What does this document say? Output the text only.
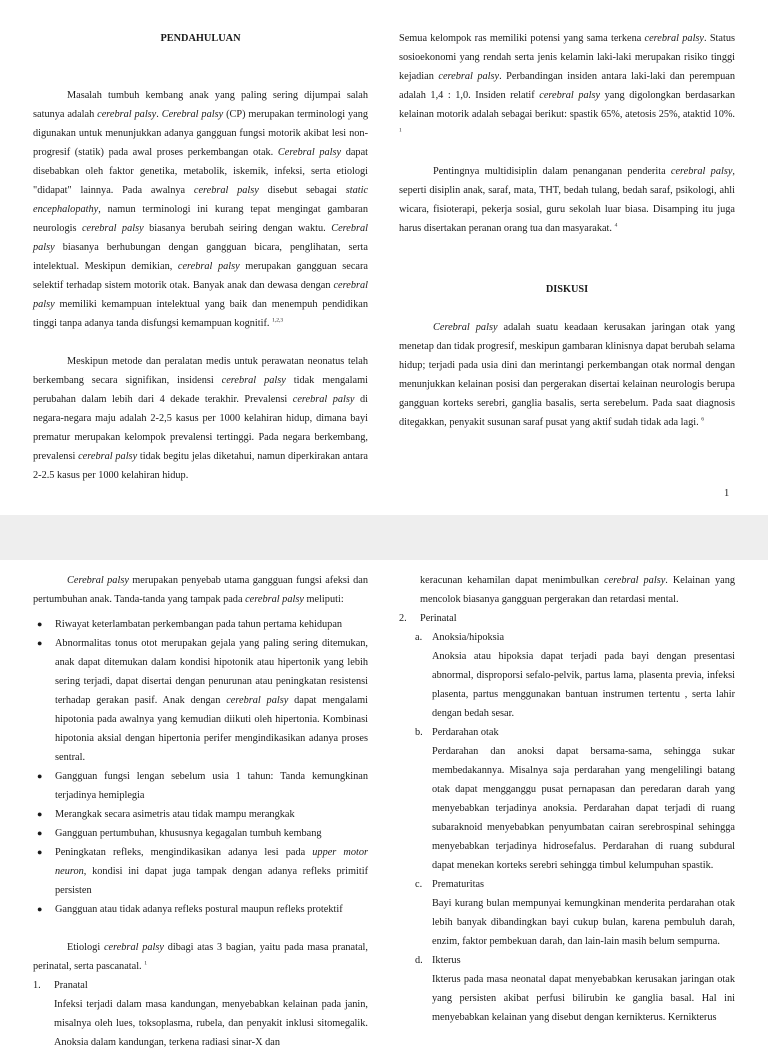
PENDAHULUAN

Masalah tumbuh kembang anak yang paling sering dijumpai salah satunya adalah cerebral palsy. Cerebral palsy (CP) merupakan terminologi yang digunakan untuk menunjukkan adanya gangguan fungsi motorik akibat lesi non-progresif (statik) pada awal proses perkembangan otak. Cerebral palsy dapat disebabkan oleh faktor genetika, metabolik, iskemik, infeksi, serta etiologi "didapat" lainnya. Pada awalnya cerebral palsy disebut sebagai static encephalopathy, namun terminologi ini kurang tepat mengingat gambaran neurologis cerebral palsy biasanya berubah seiring dengan waktu. Cerebral palsy biasanya berhubungan dengan gangguan bicara, penglihatan, serta intelektual. Meskipun demikian, cerebral palsy merupakan gangguan secara selektif terhadap sistem motorik otak. Banyak anak dan dewasa dengan cerebral palsy memiliki kemampuan intelektual yang baik dan menempuh pendidikan tinggi tanpa adanya tanda disfungsi kemampuan kognitif. $^{1,2,3}$

Meskipun metode dan peralatan medis untuk perawatan neonatus telah berkembang secara signifikan, insidensi cerebral palsy tidak mengalami perubahan dalam lebih dari 4 dekade terakhir. Prevalensi cerebral palsy di negara-negara maju adalah 2-2,5 kasus per 1000 kelahiran hidup, dimana bayi prematur merupakan kelompok prevalensi tertinggi. Pada negara berkembang, prevalensi cerebral palsy tidak begitu jelas diketahui, namun diperkirakan antara 2-2.5 kasus per 1000 kelahiran hidup.

Semua kelompok ras memiliki potensi yang sama terkena cerebral palsy. Status sosioekonomi yang rendah serta jenis kelamin laki-laki merupakan risiko tinggi kejadian cerebral palsy. Perbandingan insiden antara laki-laki dan perempuan adalah 1,4 : 1,0. Insiden relatif cerebral palsy yang digolongkan berdasarkan kelainan motorik adalah sebagai berikut: spastik 65%, atetosis 25%, ataktid 10%. $^1$

Pentingnya multidisiplin dalam penanganan penderita cerebral palsy, seperti disiplin anak, saraf, mata, THT, bedah tulang, bedah saraf, psikologi, ahli wicara, fisioterapi, pekerja sosial, guru sekolah luar biasa. Disamping itu juga harus disertakan peranan orang tua dan masyarakat. $^4$

DISKUSI

Cerebral palsy adalah suatu keadaan kerusakan jaringan otak yang menetap dan tidak progresif, meskipun gambaran klinisnya dapat berubah selama hidup; terjadi pada usia dini dan merintangi perkembangan otak normal dengan menunjukkan kelainan posisi dan pergerakan disertai kelainan neurologis berupa gangguan korteks serebri, ganglia basalis, serta serebelum. Pada saat diagnosis ditegakkan, penyakit susunan saraf pusat yang aktif sudah tidak ada lagi. $^6$

1

Cerebral palsy merupakan penyebab utama gangguan fungsi afeksi dan pertumbuhan anak. Tanda-tanda yang tampak pada cerebral palsy meliputi:

● Riwayat keterlambatan perkembangan pada tahun pertama kehidupan
● Abnormalitas tonus otot merupakan gejala yang paling sering ditemukan, anak dapat ditemukan dalam kondisi hipotonik atau hipertonik yang lebih sering terjadi, dapat disertai dengan penurunan atau peningkatan resistensi terhadap gerakan pasif. Anak dengan cerebral palsy dapat mengalami hipotonia pada awalnya yang kemudian diikuti oleh hipertonia. Kombinasi hipotonia aksial dengan hipertonia perifer mengindikasikan adanya proses sentral.
● Gangguan fungsi lengan sebelum usia 1 tahun: Tanda kemungkinan terjadinya hemiplegia
● Merangkak secara asimetris atau tidak mampu merangkak
● Gangguan pertumbuhan, khususnya kegagalan tumbuh kembang
● Peningkatan refleks, mengindikasikan adanya lesi pada upper motor neuron, kondisi ini dapat juga tampak dengan adanya refleks primitif persisten
● Gangguan atau tidak adanya refleks postural maupun refleks protektif

Etiologi cerebral palsy dibagi atas 3 bagian, yaitu pada masa pranatal, perinatal, serta pascanatal. $^1$

1. Pranatal

Infeksi terjadi dalam masa kandungan, menyebabkan kelainan pada janin, misalnya oleh lues, toksoplasma, rubela, dan penyakit inklusi sitomegalik. Anoksia dalam kandungan, terkena radiasi sinar-X dan

keracunan kehamilan dapat menimbulkan cerebral palsy. Kelainan yang mencolok biasanya gangguan pergerakan dan retardasi mental.

2. Perinatal
a. Anoksia/hipoksia

Anoksia atau hipoksia dapat terjadi pada bayi dengan presentasi abnormal, disproporsi sefalo-pelvik, partus lama, plasenta previa, infeksi plasenta, partus menggunakan bantuan instrumen tertentu , serta lahir dengan bedah sesar.

b. Perdarahan otak

Perdarahan dan anoksi dapat bersama-sama, sehingga sukar membedakannya. Misalnya saja perdarahan yang mengelilingi batang otak dapat mengganggu pusat pernapasan dan peredaran darah yang menyebabkan terjadinya anoksia. Perdarahan dapat terjadi di ruang subaraknoid menyebabkan penyumbatan cairan serebrospinal sehingga menyebabkan terjadinya hidrosefalus. Perdarahan di ruang subdural dapat menekan korteks serebri sehingga timbul kelumpuhan spastik.

c. Prematuritas

Bayi kurang bulan mempunyai kemungkinan menderita perdarahan otak lebih banyak dibandingkan bayi cukup bulan, karena pembuluh darah, enzim, faktor pembekuan darah, dan lain-lain masih belum sempurna.

d. Ikterus

Ikterus pada masa neonatal dapat menyebabkan kerusakan jaringan otak yang persisten akibat perfusi bilirubin ke ganglia basal. Hal ini menyebabkan kelainan yang disebut dengan kernikterus. Kernikterus
